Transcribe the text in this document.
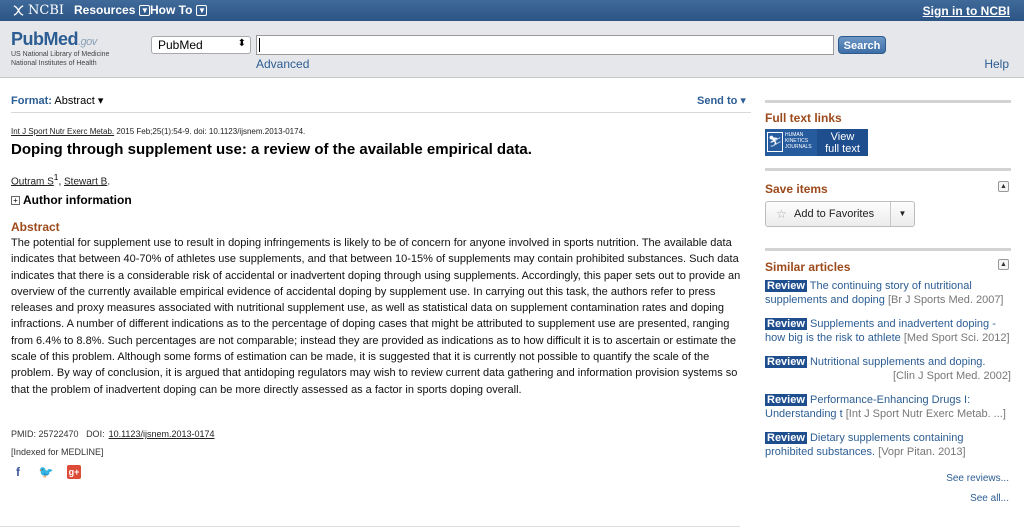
NCBI Resources ▼ How To ▼	Sign in to NCBI
PubMed.gov
US National Library of Medicine
National Institutes of Health
PubMed	⬍	Search
Advanced	Help
Format: Abstract ▾	Send to ▾
Int J Sport Nutr Exerc Metab. 2015 Feb;25(1):54-9. doi: 10.1123/ijsnem.2013-0174.
Doping through supplement use: a review of the available empirical data.
Outram $S^1$, Stewart B.
+ Author information
Abstract

The potential for supplement use to result in doping infringements is likely to be of concern for anyone involved in sports nutrition. The available data indicates that between 40-70% of athletes use supplements, and that between 10-15% of supplements may contain prohibited substances. Such data indicates that there is a considerable risk of accidental or inadvertent doping through using supplements. Accordingly, this paper sets out to provide an overview of the currently available empirical evidence of accidental doping by supplement use. In carrying out this task, the authors refer to press releases and proxy measures associated with nutritional supplement use, as well as statistical data on supplement contamination rates and doping infractions. A number of different indications as to the percentage of doping cases that might be attributed to supplement use are presented, ranging from 6.4% to 8.8%. Such percentages are not comparable; instead they are provided as indications as to how difficult it is to ascertain or estimate the scale of this problem. Although some forms of estimation can be made, it is suggested that it is currently not possible to quantify the scale of the problem. By way of conclusion, it is argued that antidoping regulators may wish to review current data gathering and information provision systems so that the problem of inadvertent doping can be more directly assessed as a factor in sports doping overall.

PMID: 25722470 DOI: 10.1123/ijsnem.2013-0174
[Indexed for MEDLINE]
f	🐦 g+
Full text links
⛷
HUMAN KINETICS JOURNALS
View
full text
Save items	▲
☆ Add to Favorites	▼
Similar articles	▲
Review The continuing story of nutritional supplements and doping [Br J Sports Med. 2007]
Review Supplements and inadvertent doping - how big is the risk to athlete [Med Sport Sci. 2012]
Review Nutritional supplements and doping.
[Clin J Sport Med. 2002]
Review Performance-Enhancing Drugs I: Understanding t [Int J Sport Nutr Exerc Metab. ...]
Review Dietary supplements containing prohibited substances. [Vopr Pitan. 2013]
See reviews...
See all...
